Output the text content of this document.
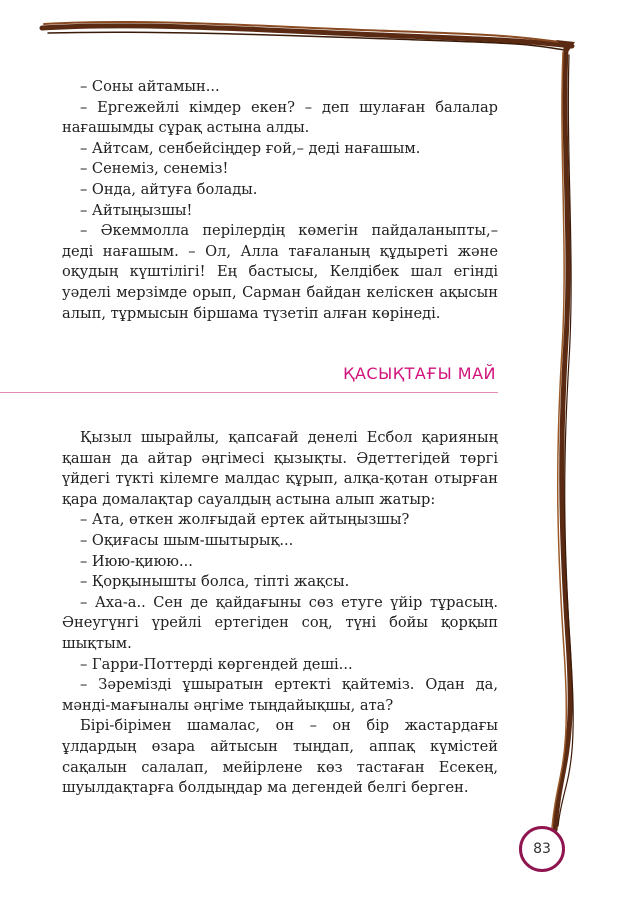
– Соны айтамын...

– Ергежейлі кімдер екен? – деп шулаған балалар нағашымды сұрақ астына алды.

– Айтсам, сенбейсіңдер ғой,– деді нағашым.

– Сенеміз, сенеміз!

– Онда, айтуға болады.

– Айтыңызшы!

– Әкеммолла перілердің көмегін пайдаланыпты,– деді нағашым. – Ол, Алла тағаланың құдыреті және оқудың күштілігі! Ең бастысы, Келдібек шал егінді уәделі мерзімде орып, Сарман байдан келіскен ақысын алып, тұрмысын біршама түзетіп алған көрінеді.

ҚАСЫҚТАҒЫ МАЙ

Қызыл шырайлы, қапсағай денелі Есбол қарияның қашан да айтар әңгімесі қызықты. Әдеттегідей төргі үйдегі түкті кілемге малдас құрып, алқа-қотан отырған қара домалақтар сауалдың астына алып жатыр:

– Ата, өткен жолғыдай ертек айтыңызшы?

– Оқиғасы шым-шытырық...

– Июю-қиюю...

– Қорқынышты болса, тіпті жақсы.

– Аха-а.. Сен де қайдағыны сөз етуге үйір тұрасың. Әнеугүнгі үрейлі ертегіден соң, түні бойы қорқып шықтым.

– Гарри-Поттерді көргендей деші...

– Зәремізді ұшыратын ертекті қайтеміз. Одан да, мәнді-мағыналы әңгіме тыңдайықшы, ата?

Бірі-бірімен шамалас, он – он бір жастардағы ұлдардың өзара айтысын тыңдап, аппақ күмістей сақалын салалап, мейірлене көз тастаған Есекең, шуылдақтарға болдыңдар ма дегендей белгі берген.

83
